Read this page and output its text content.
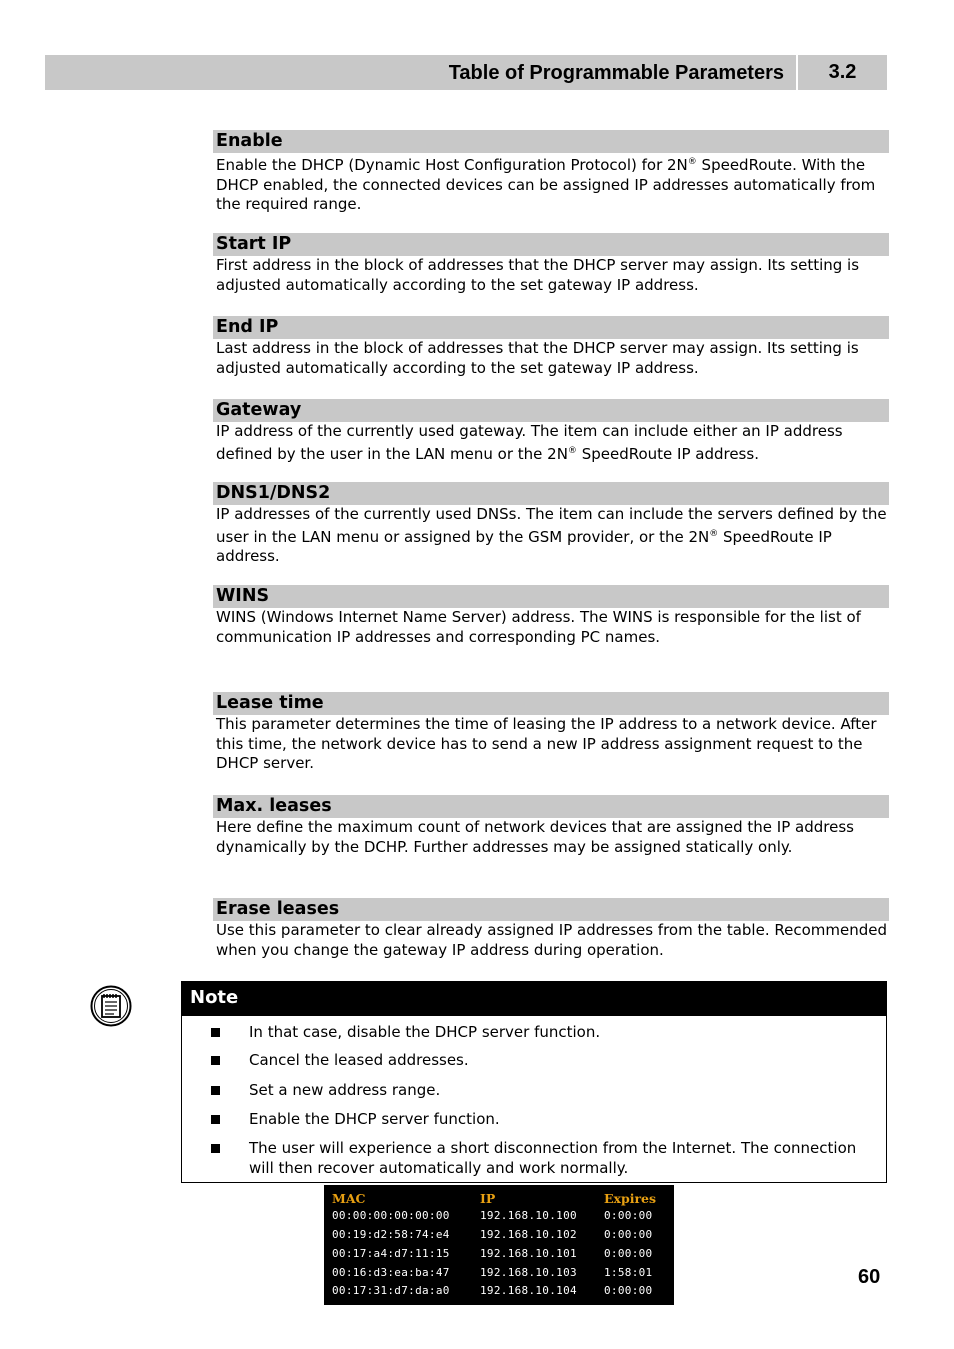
Table of Programmable Parameters	3.2
Enable
Enable the DHCP (Dynamic Host Configuration Protocol) for 2N® SpeedRoute. With the DHCP enabled, the connected devices can be assigned IP addresses automatically from the required range.
Start IP
First address in the block of addresses that the DHCP server may assign. Its setting is adjusted automatically according to the set gateway IP address.
End IP
Last address in the block of addresses that the DHCP server may assign. Its setting is adjusted automatically according to the set gateway IP address.
Gateway
IP address of the currently used gateway. The item can include either an IP address defined by the user in the LAN menu or the 2N® SpeedRoute IP address.
DNS1/DNS2
IP addresses of the currently used DNSs. The item can include the servers defined by the user in the LAN menu or assigned by the GSM provider, or the 2N® SpeedRoute IP address.
WINS
WINS (Windows Internet Name Server) address. The WINS is responsible for the list of communication IP addresses and corresponding PC names.
Lease time
This parameter determines the time of leasing the IP address to a network device. After this time, the network device has to send a new IP address assignment request to the DHCP server.
Max. leases
Here define the maximum count of network devices that are assigned the IP address dynamically by the DCHP. Further addresses may be assigned statically only.
Erase leases
Use this parameter to clear already assigned IP addresses from the table. Recommended when you change the gateway IP address during operation.
Note
In that case, disable the DHCP server function.
Cancel the leased addresses.
Set a new address range.
Enable the DHCP server function.
The user will experience a short disconnection from the Internet. The connection will then recover automatically and work normally.
MAC	IP	Expires
00:00:00:00:00:00	192.168.10.100 0:00:00
00:19:d2:58:74:e4	192.168.10.102 0:00:00
00:17:a4:d7:11:15	192.168.10.101 0:00:00
00:16:d3:ea:ba:47	192.168.10.103 1:58:01
00:17:31:d7:da:a0	192.168.10.104 0:00:00
60
